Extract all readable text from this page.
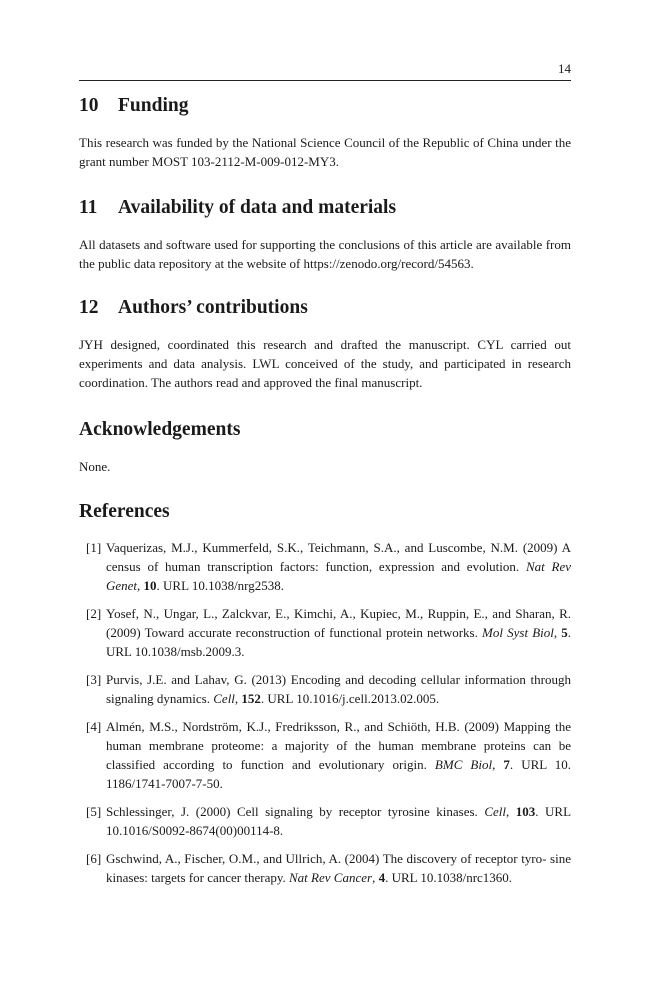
14
10 Funding

This research was funded by the National Science Council of the Republic of China under the grant number MOST 103-2112-M-009-012-MY3.

11 Availability of data and materials

All datasets and software used for supporting the conclusions of this article are available from the public data repository at the website of https://zenodo.org/record/54563.

12 Authors’ contributions

JYH designed, coordinated this research and drafted the manuscript. CYL carried out experiments and data analysis. LWL conceived of the study, and participated in research coordination. The authors read and approved the final manuscript.

Acknowledgements

None.

References
[1] Vaquerizas, M.J., Kummerfeld, S.K., Teichmann, S.A., and Luscombe, N.M. (2009) A census of human transcription factors: function, expression and evolution. Nat Rev Genet, 10. URL 10.1038/nrg2538.
[2] Yosef, N., Ungar, L., Zalckvar, E., Kimchi, A., Kupiec, M., Ruppin, E., and Sharan, R. (2009) Toward accurate reconstruction of functional protein networks. Mol Syst Biol, 5. URL 10.1038/msb.2009.3.
[3] Purvis, J.E. and Lahav, G. (2013) Encoding and decoding cellular information through signaling dynamics. Cell, 152. URL 10.1016/j.cell.2013.02.005.
[4] Almén, M.S., Nordström, K.J., Fredriksson, R., and Schiöth, H.B. (2009) Mapping the human membrane proteome: a majority of the human membrane proteins can be classified according to function and evolutionary origin. BMC Biol, 7. URL 10. 1186/1741-7007-7-50.
[5] Schlessinger, J. (2000) Cell signaling by receptor tyrosine kinases. Cell, 103. URL 10.1016/S0092-8674(00)00114-8.
[6] Gschwind, A., Fischer, O.M., and Ullrich, A. (2004) The discovery of receptor tyro- sine kinases: targets for cancer therapy. Nat Rev Cancer, 4. URL 10.1038/nrc1360.
